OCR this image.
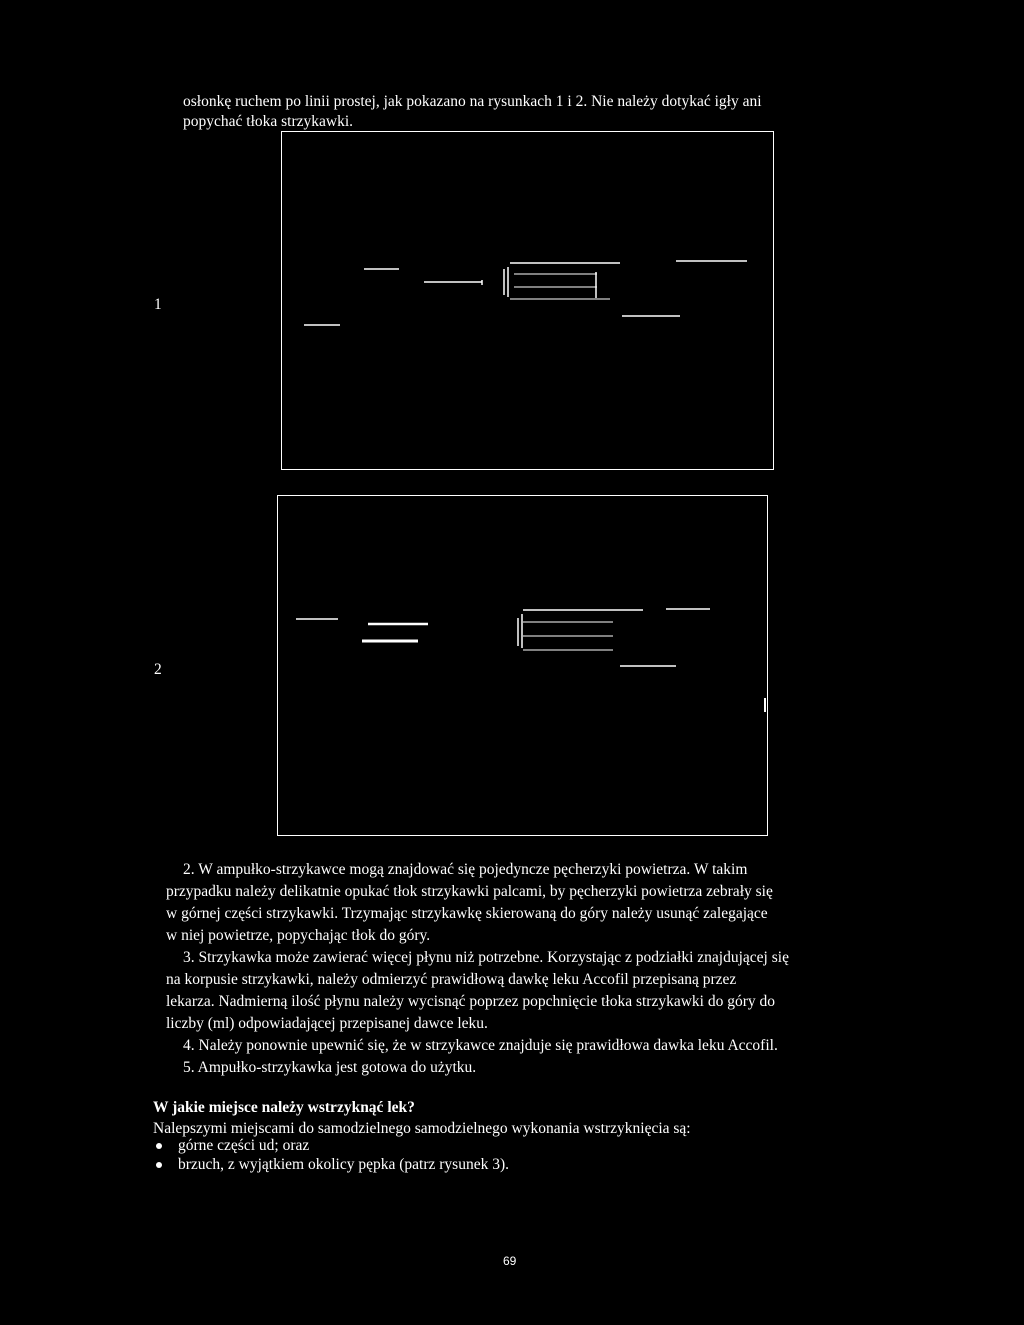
osłonkę ruchem po linii prostej, jak pokazano na rysunkach 1 i 2. Nie należy dotykać igły ani
popychać tłoka strzykawki.
1
2
2. W ampułko-strzykawce mogą znajdować się pojedyncze pęcherzyki powietrza. W takim
przypadku należy delikatnie opukać tłok strzykawki palcami, by pęcherzyki powietrza zebrały się
w górnej części strzykawki. Trzymając strzykawkę skierowaną do góry należy usunąć zalegające
w niej powietrze, popychając tłok do góry.
3. Strzykawka może zawierać więcej płynu niż potrzebne. Korzystając z podziałki znajdującej się
na korpusie strzykawki, należy odmierzyć prawidłową dawkę leku Accofil przepisaną przez
lekarza. Nadmierną ilość płynu należy wycisnąć poprzez popchnięcie tłoka strzykawki do góry do
liczby (ml) odpowiadającej przepisanej dawce leku.
4. Należy ponownie upewnić się, że w strzykawce znajduje się prawidłowa dawka leku Accofil.
5. Ampułko-strzykawka jest gotowa do użytku.
W jakie miejsce należy wstrzyknąć lek?
Nalepszymi miejscami do samodzielnego samodzielnego wykonania wstrzyknięcia są:
górne części ud; oraz
brzuch, z wyjątkiem okolicy pępka (patrz rysunek 3).
69
